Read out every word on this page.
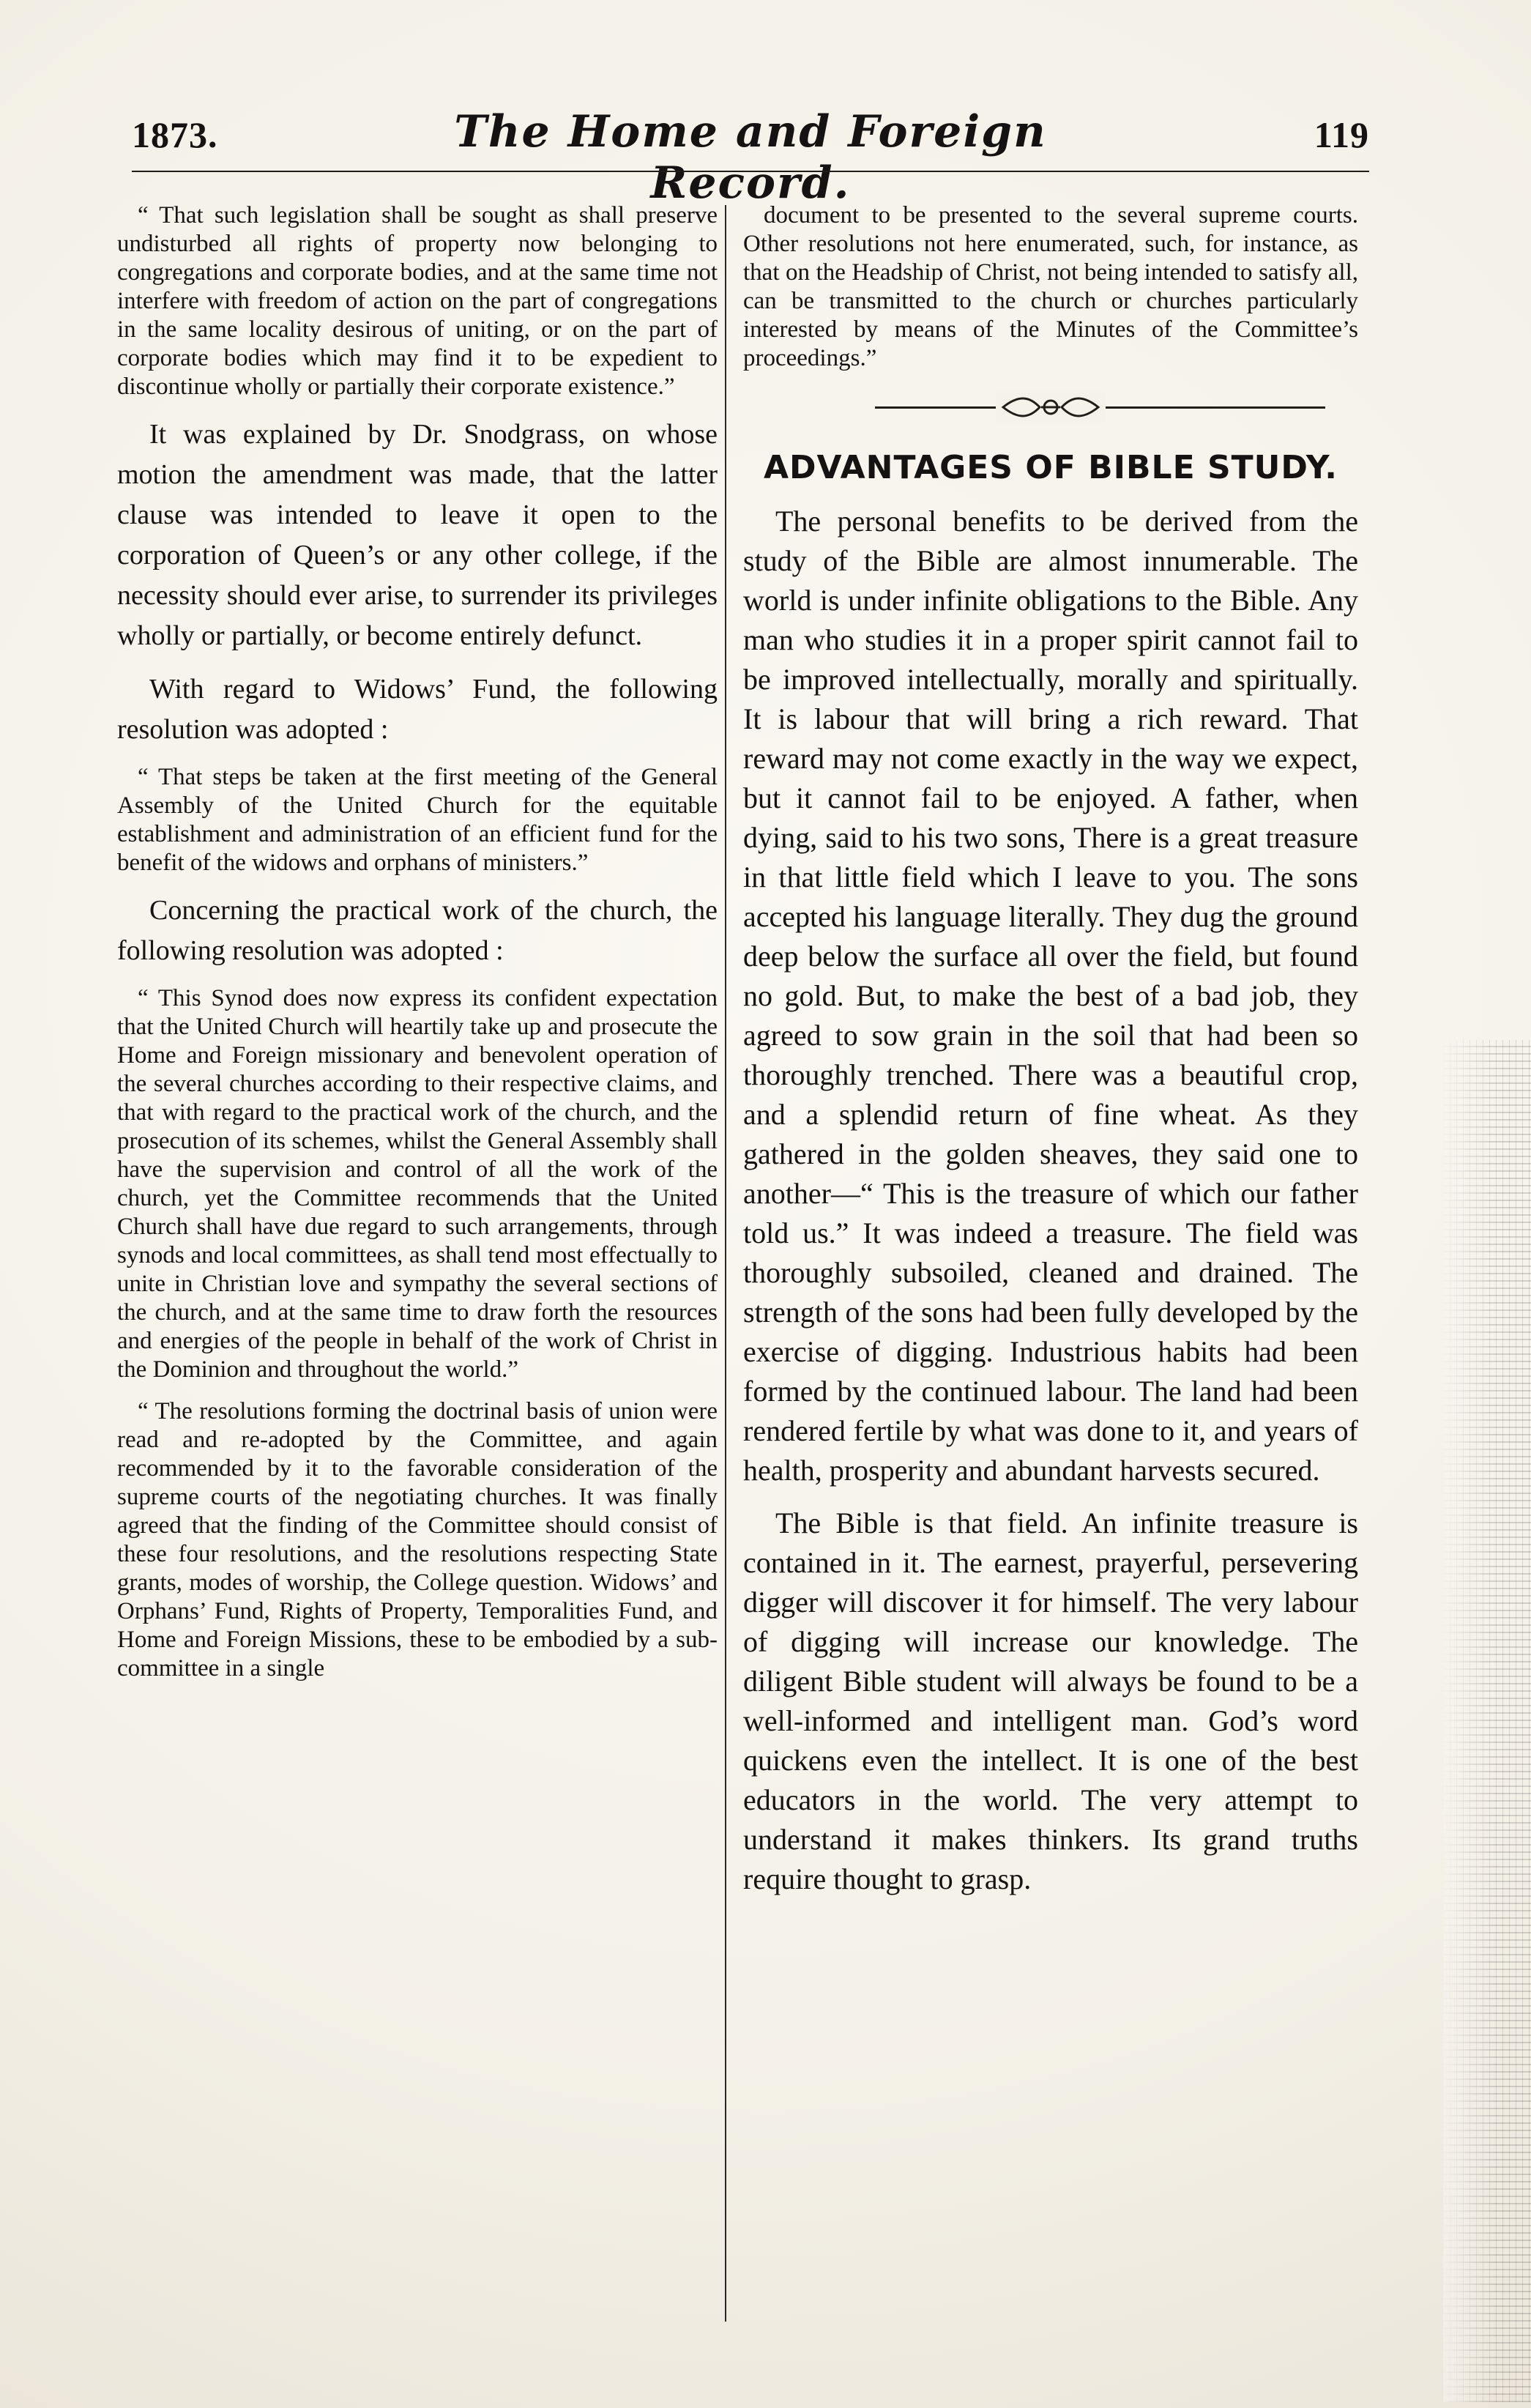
1873.	The Home and Foreign Record.
119

“ That such legislation shall be sought as shall preserve undisturbed all rights of property now belonging to congregations and corporate bodies, and at the same time not interfere with freedom of action on the part of congregations in the same locality desirous of uniting, or on the part of corporate bodies which may find it to be expedient to discontinue wholly or partially their corporate existence.”

It was explained by Dr. Snodgrass, on whose motion the amendment was made, that the latter clause was intended to leave it open to the corporation of Queen’s or any other college, if the necessity should ever arise, to surrender its privileges wholly or partially, or become entirely defunct.

With regard to Widows’ Fund, the following resolution was adopted :

“ That steps be taken at the first meeting of the General Assembly of the United Church for the equitable establishment and administration of an efficient fund for the benefit of the widows and orphans of ministers.”

Concerning the practical work of the church, the following resolution was adopted :

“ This Synod does now express its confident expectation that the United Church will heartily take up and prosecute the Home and Foreign missionary and benevolent operation of the several churches according to their respective claims, and that with regard to the practical work of the church, and the prosecution of its schemes, whilst the General Assembly shall have the supervision and control of all the work of the church, yet the Committee recommends that the United Church shall have due regard to such arrangements, through synods and local committees, as shall tend most effectually to unite in Christian love and sympathy the several sections of the church, and at the same time to draw forth the resources and energies of the people in behalf of the work of Christ in the Dominion and throughout the world.”

“ The resolutions forming the doctrinal basis of union were read and re-adopted by the Committee, and again recommended by it to the favorable consideration of the supreme courts of the negotiating churches. It was finally agreed that the finding of the Committee should consist of these four resolutions, and the resolutions respecting State grants, modes of worship, the College question. Widows’ and Orphans’ Fund, Rights of Property, Temporalities Fund, and Home and Foreign Missions, these to be embodied by a sub-committee in a single

document to be presented to the several supreme courts. Other resolutions not here enumerated, such, for instance, as that on the Headship of Christ, not being intended to satisfy all, can be transmitted to the church or churches particularly interested by means of the Minutes of the Committee’s proceedings.”

ADVANTAGES OF BIBLE STUDY.

The personal benefits to be derived from the study of the Bible are almost innumerable. The world is under infinite obligations to the Bible. Any man who studies it in a proper spirit cannot fail to be improved intellectually, morally and spiritually. It is labour that will bring a rich reward. That reward may not come exactly in the way we expect, but it cannot fail to be enjoyed. A father, when dying, said to his two sons, There is a great treasure in that little field which I leave to you. The sons accepted his language literally. They dug the ground deep below the surface all over the field, but found no gold. But, to make the best of a bad job, they agreed to sow grain in the soil that had been so thoroughly trenched. There was a beautiful crop, and a splendid return of fine wheat. As they gathered in the golden sheaves, they said one to another—“ This is the treasure of which our father told us.” It was indeed a treasure. The field was thoroughly subsoiled, cleaned and drained. The strength of the sons had been fully developed by the exercise of digging. Industrious habits had been formed by the continued labour. The land had been rendered fertile by what was done to it, and years of health, prosperity and abundant harvests secured.

The Bible is that field. An infinite treasure is contained in it. The earnest, prayerful, persevering digger will discover it for himself. The very labour of digging will increase our knowledge. The diligent Bible student will always be found to be a well-informed and intelligent man. God’s word quickens even the intellect. It is one of the best educators in the world. The very attempt to understand it makes thinkers. Its grand truths require thought to grasp.
